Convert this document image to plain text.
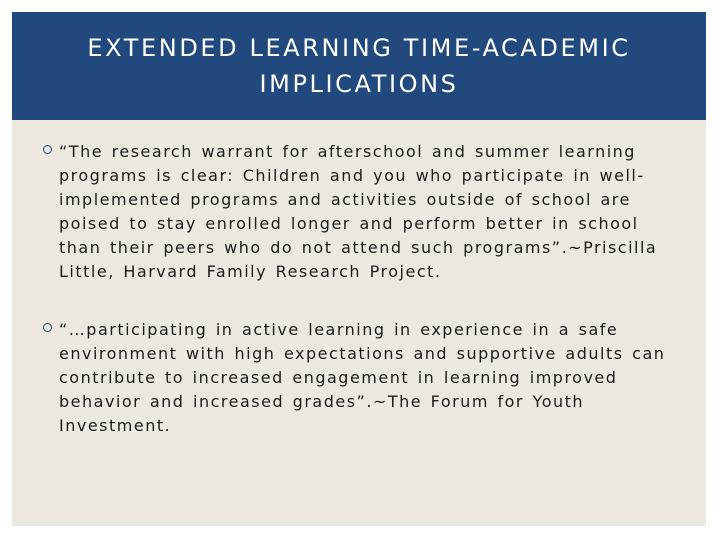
EXTENDED LEARNING TIME-ACADEMIC IMPLICATIONS

“The research warrant for afterschool and summer learning programs is clear: Children and you who participate in well-implemented programs and activities outside of school are poised to stay enrolled longer and perform better in school than their peers who do not attend such programs”.~Priscilla Little, Harvard Family Research Project.

“…participating in active learning in experience in a safe environment with high expectations and supportive adults can contribute to increased engagement in learning improved behavior and increased grades”.~The Forum for Youth Investment.
